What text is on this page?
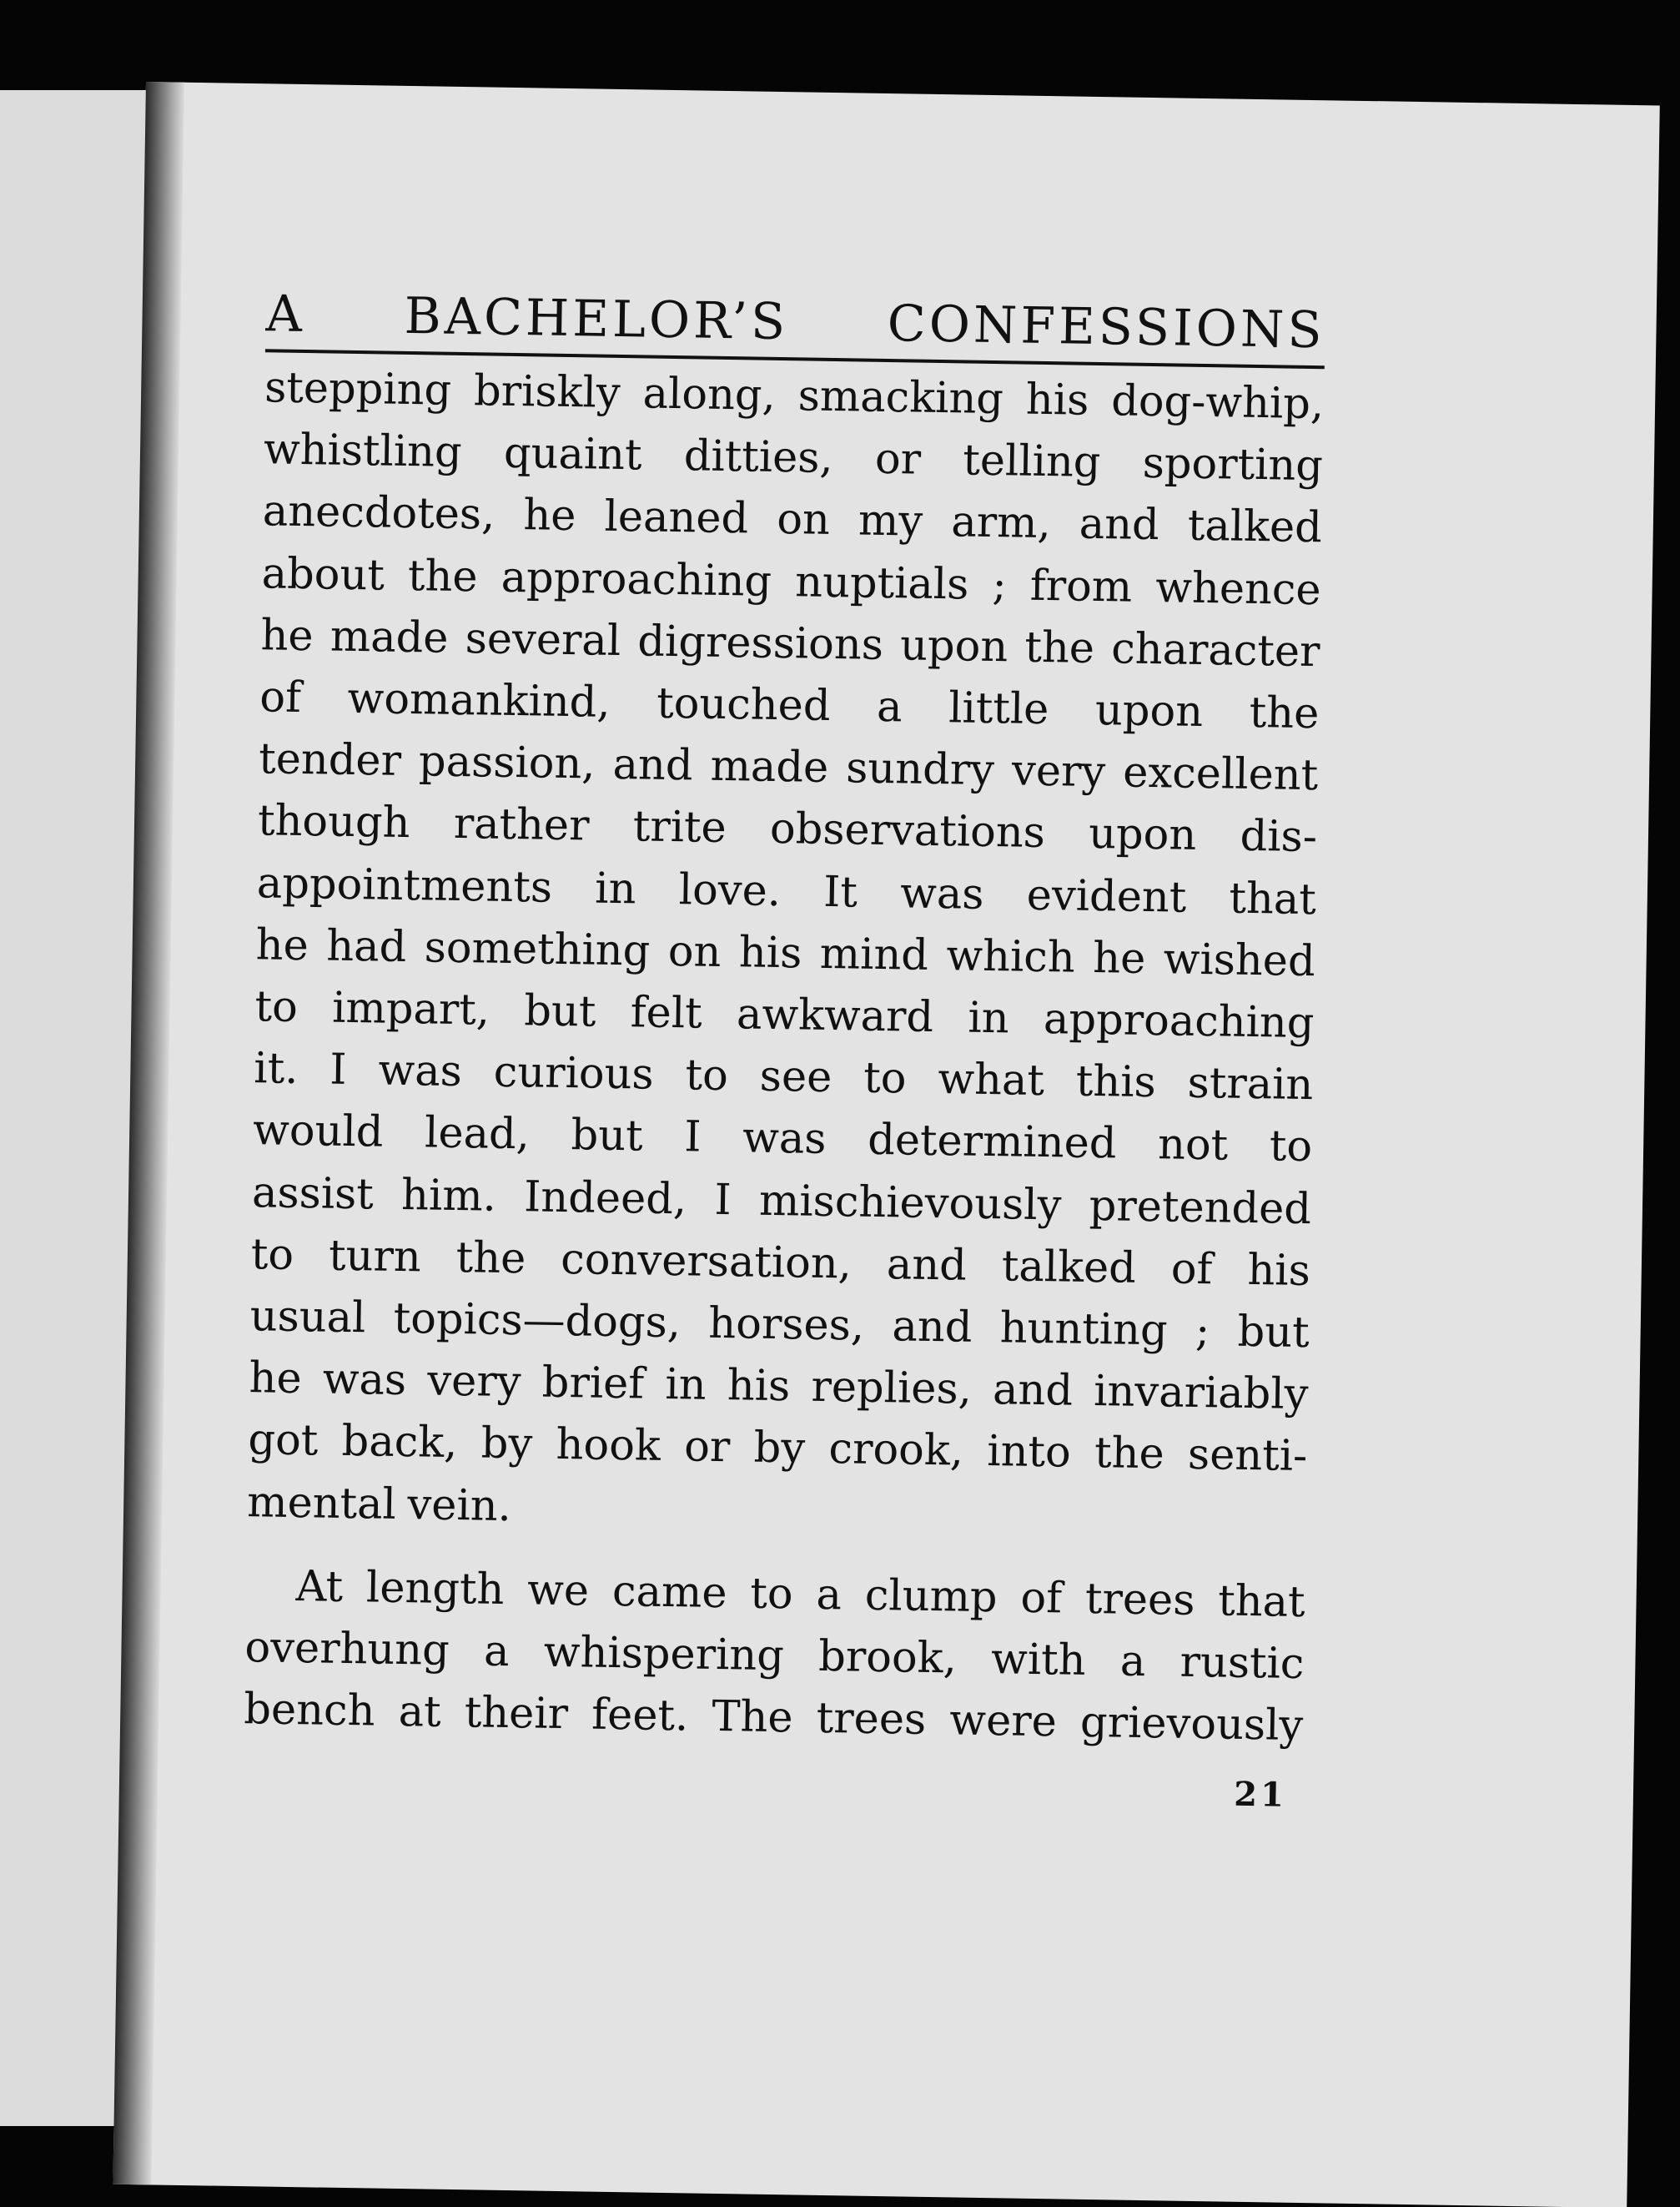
A BACHELOR’S CONFESSIONS
stepping briskly along, smacking his dog-whip,
whistling quaint ditties, or telling sporting
anecdotes, he leaned on my arm, and talked
about the approaching nuptials ; from whence
he made several digressions upon the character
of womankind, touched a little upon the
tender passion, and made sundry very excellent
though rather trite observations upon dis-
appointments in love. It was evident that
he had something on his mind which he wished
to impart, but felt awkward in approaching
it. I was curious to see to what this strain
would lead, but I was determined not to
assist him. Indeed, I mischievously pretended
to turn the conversation, and talked of his
usual topics—dogs, horses, and hunting ; but
he was very brief in his replies, and invariably
got back, by hook or by crook, into the senti-
mental vein.
At length we came to a clump of trees that
overhung a whispering brook, with a rustic
bench at their feet. The trees were grievously
21
